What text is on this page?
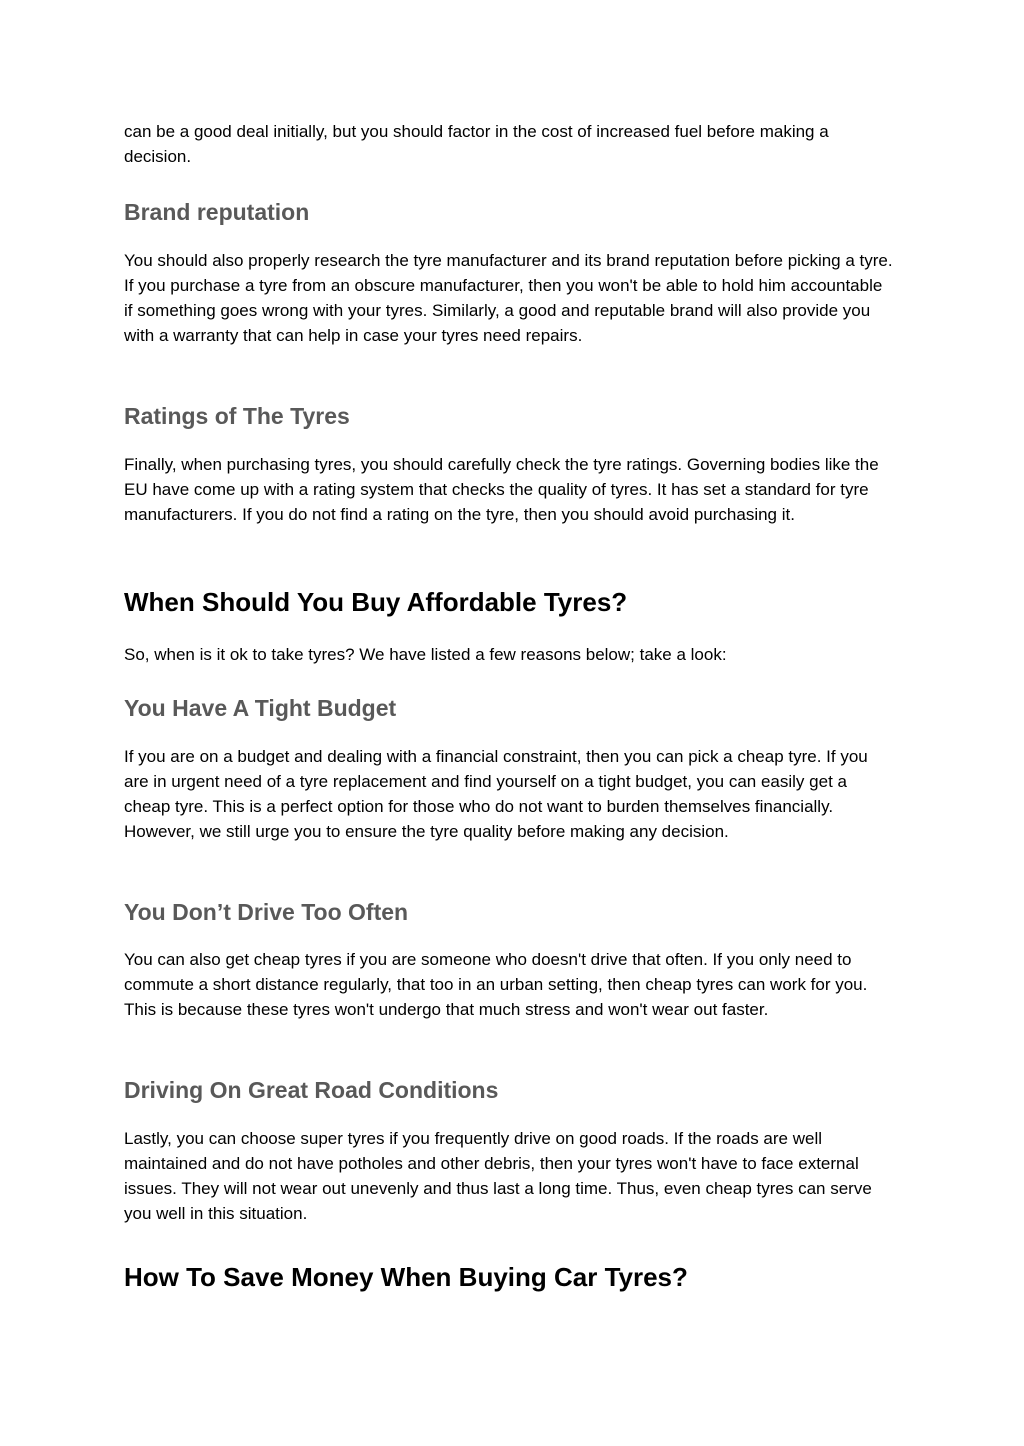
can be a good deal initially, but you should factor in the cost of increased fuel before making a decision.

Brand reputation

You should also properly research the tyre manufacturer and its brand reputation before picking a tyre. If you purchase a tyre from an obscure manufacturer, then you won't be able to hold him accountable if something goes wrong with your tyres. Similarly, a good and reputable brand will also provide you with a warranty that can help in case your tyres need repairs.

Ratings of The Tyres

Finally, when purchasing tyres, you should carefully check the tyre ratings. Governing bodies like the EU have come up with a rating system that checks the quality of tyres. It has set a standard for tyre manufacturers. If you do not find a rating on the tyre, then you should avoid purchasing it.

When Should You Buy Affordable Tyres?

So, when is it ok to take tyres? We have listed a few reasons below; take a look:

You Have A Tight Budget

If you are on a budget and dealing with a financial constraint, then you can pick a cheap tyre. If you are in urgent need of a tyre replacement and find yourself on a tight budget, you can easily get a cheap tyre. This is a perfect option for those who do not want to burden themselves financially. However, we still urge you to ensure the tyre quality before making any decision.

You Don’t Drive Too Often

You can also get cheap tyres if you are someone who doesn't drive that often. If you only need to commute a short distance regularly, that too in an urban setting, then cheap tyres can work for you. This is because these tyres won't undergo that much stress and won't wear out faster.

Driving On Great Road Conditions

Lastly, you can choose super tyres if you frequently drive on good roads. If the roads are well maintained and do not have potholes and other debris, then your tyres won't have to face external issues. They will not wear out unevenly and thus last a long time. Thus, even cheap tyres can serve you well in this situation.

How To Save Money When Buying Car Tyres?
